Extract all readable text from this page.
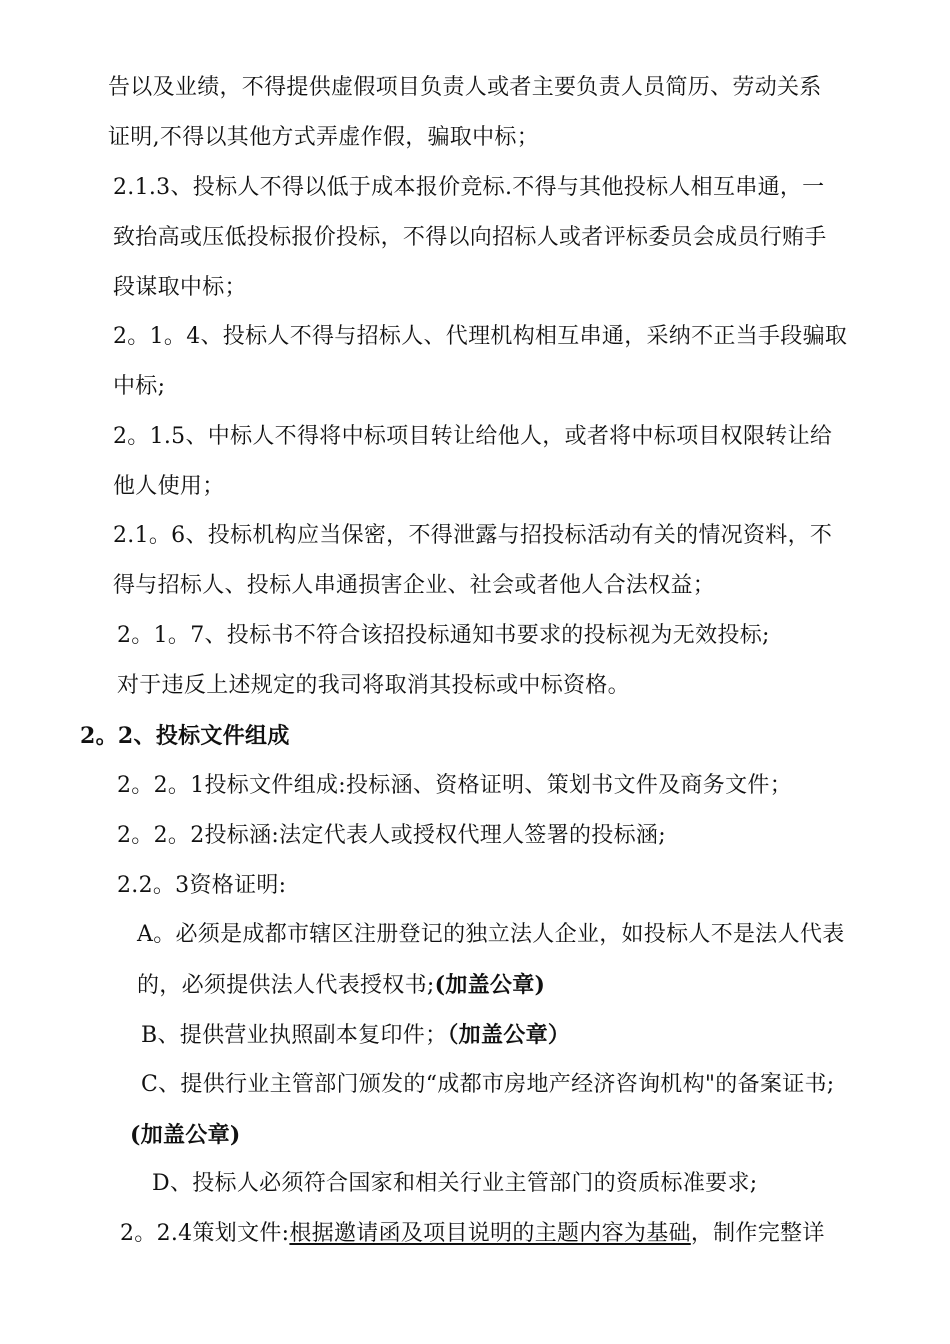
告以及业绩，不得提供虚假项目负责人或者主要负责人员简历、劳动关系
证明,不得以其他方式弄虚作假，骗取中标；
2.1.3、投标人不得以低于成本报价竞标.不得与其他投标人相互串通，一
致抬高或压低投标报价投标，不得以向招标人或者评标委员会成员行贿手
段谋取中标；
2。1。4、投标人不得与招标人、代理机构相互串通，采纳不正当手段骗取
中标;
2。1.5、中标人不得将中标项目转让给他人，或者将中标项目权限转让给
他人使用；
2.1。6、投标机构应当保密，不得泄露与招投标活动有关的情况资料，不
得与招标人、投标人串通损害企业、社会或者他人合法权益；
2。1。7、投标书不符合该招投标通知书要求的投标视为无效投标;
对于违反上述规定的我司将取消其投标或中标资格。
2。2、投标文件组成
2。2。1投标文件组成:投标涵、资格证明、策划书文件及商务文件；
2。2。2投标涵:法定代表人或授权代理人签署的投标涵;
2.2。3资格证明:
A。必须是成都市辖区注册登记的独立法人企业，如投标人不是法人代表
的，必须提供法人代表授权书;(加盖公章)
B、提供营业执照副本复印件；（加盖公章）
C、提供行业主管部门颁发的“成都市房地产经济咨询机构"的备案证书;
(加盖公章)
D、投标人必须符合国家和相关行业主管部门的资质标准要求;
2。2.4策划文件:根据邀请函及项目说明的主题内容为基础，制作完整详
